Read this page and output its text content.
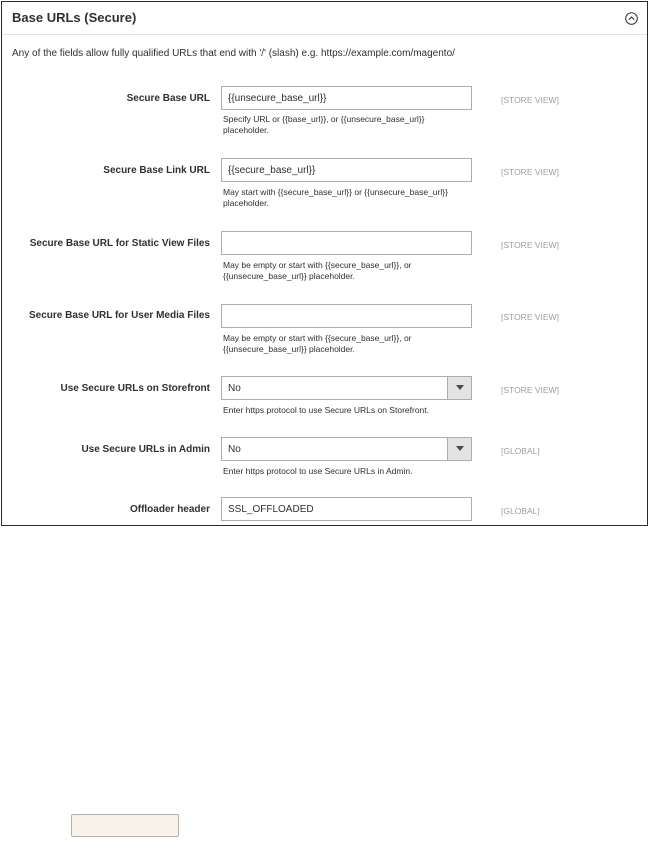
Base URLs (Secure)
Any of the fields allow fully qualified URLs that end with '/' (slash) e.g. https://example.com/magento/
Secure Base URL
{{unsecure_base_url}}
Specify URL or {{base_url}}, or {{unsecure_base_url}}
placeholder.
[STORE VIEW]
Secure Base Link URL
{{secure_base_url}}
May start with {{secure_base_url}} or {{unsecure_base_url}}
placeholder.
[STORE VIEW]
Secure Base URL for Static View Files
May be empty or start with {{secure_base_url}}, or
{{unsecure_base_url}} placeholder.
[STORE VIEW]
Secure Base URL for User Media Files
May be empty or start with {{secure_base_url}}, or
{{unsecure_base_url}} placeholder.
[STORE VIEW]
Use Secure URLs on Storefront No
Enter https protocol to use Secure URLs on Storefront.
[STORE VIEW]
Use Secure URLs in Admin No
Enter https protocol to use Secure URLs in Admin.
[GLOBAL]
Offloader header
SSL_OFFLOADED	[GLOBAL]
